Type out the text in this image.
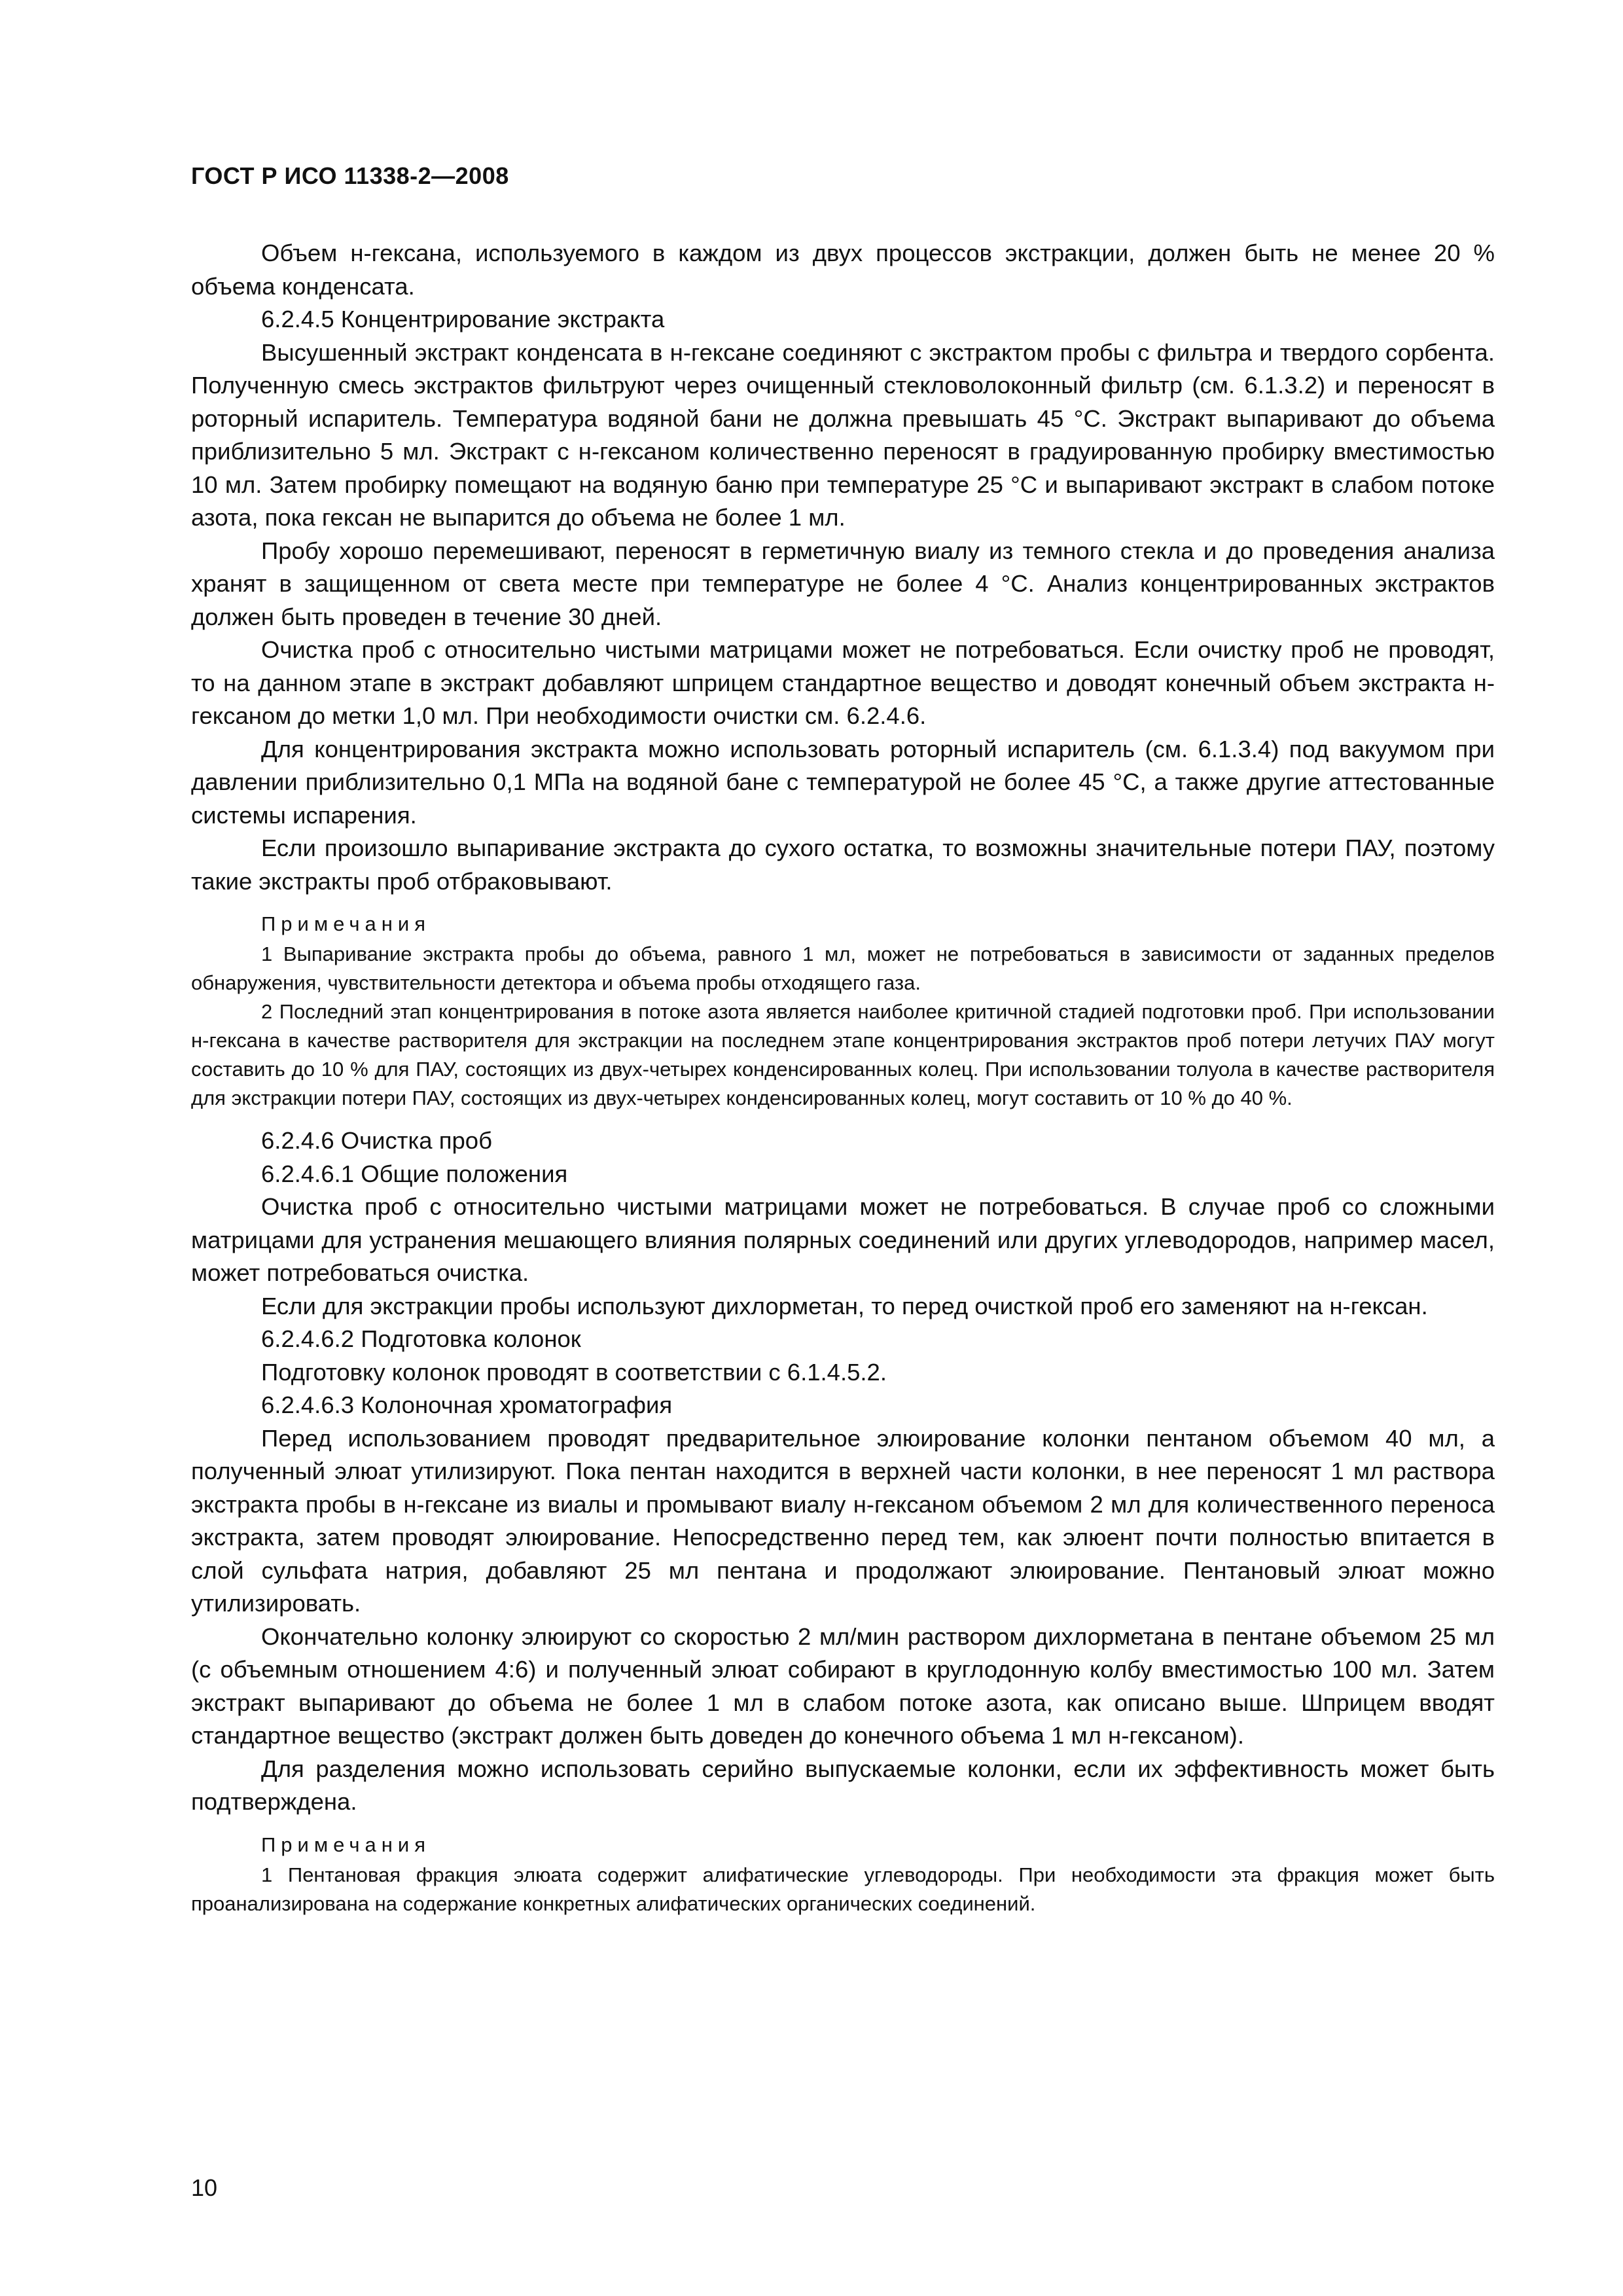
ГОСТ Р ИСО 11338-2—2008

Объем н-гексана, используемого в каждом из двух процессов экстракции, должен быть не менее 20 % объема конденсата.

6.2.4.5 Концентрирование экстракта

Высушенный экстракт конденсата в н-гексане соединяют с экстрактом пробы с фильтра и твердого сорбента. Полученную смесь экстрактов фильтруют через очищенный стекловолоконный фильтр (см. 6.1.3.2) и переносят в роторный испаритель. Температура водяной бани не должна превышать 45 °С. Экстракт выпаривают до объема приблизительно 5 мл. Экстракт с н-гексаном количественно переносят в градуированную пробирку вместимостью 10 мл. Затем пробирку помещают на водяную баню при температуре 25 °С и выпаривают экстракт в слабом потоке азота, пока гексан не выпарится до объема не более 1 мл.

Пробу хорошо перемешивают, переносят в герметичную виалу из темного стекла и до проведения анализа хранят в защищенном от света месте при температуре не более 4 °С. Анализ концентрированных экстрактов должен быть проведен в течение 30 дней.

Очистка проб с относительно чистыми матрицами может не потребоваться. Если очистку проб не проводят, то на данном этапе в экстракт добавляют шприцем стандартное вещество и доводят конечный объем экстракта н-гексаном до метки 1,0 мл. При необходимости очистки см. 6.2.4.6.

Для концентрирования экстракта можно использовать роторный испаритель (см. 6.1.3.4) под вакуумом при давлении приблизительно 0,1 МПа на водяной бане с температурой не более 45 °С, а также другие аттестованные системы испарения.

Если произошло выпаривание экстракта до сухого остатка, то возможны значительные потери ПАУ, поэтому такие экстракты проб отбраковывают.

Примечания

1 Выпаривание экстракта пробы до объема, равного 1 мл, может не потребоваться в зависимости от заданных пределов обнаружения, чувствительности детектора и объема пробы отходящего газа.

2 Последний этап концентрирования в потоке азота является наиболее критичной стадией подготовки проб. При использовании н-гексана в качестве растворителя для экстракции на последнем этапе концентрирования экстрактов проб потери летучих ПАУ могут составить до 10 % для ПАУ, состоящих из двух-четырех конденсированных колец. При использовании толуола в качестве растворителя для экстракции потери ПАУ, состоящих из двух-четырех конденсированных колец, могут составить от 10 % до 40 %.

6.2.4.6 Очистка проб

6.2.4.6.1 Общие положения

Очистка проб с относительно чистыми матрицами может не потребоваться. В случае проб со сложными матрицами для устранения мешающего влияния полярных соединений или других углеводородов, например масел, может потребоваться очистка.

Если для экстракции пробы используют дихлорметан, то перед очисткой проб его заменяют на н-гексан.

6.2.4.6.2 Подготовка колонок

Подготовку колонок проводят в соответствии с 6.1.4.5.2.

6.2.4.6.3 Колоночная хроматография

Перед использованием проводят предварительное элюирование колонки пентаном объемом 40 мл, а полученный элюат утилизируют. Пока пентан находится в верхней части колонки, в нее переносят 1 мл раствора экстракта пробы в н-гексане из виалы и промывают виалу н-гексаном объемом 2 мл для количественного переноса экстракта, затем проводят элюирование. Непосредственно перед тем, как элюент почти полностью впитается в слой сульфата натрия, добавляют 25 мл пентана и продолжают элюирование. Пентановый элюат можно утилизировать.

Окончательно колонку элюируют со скоростью 2 мл/мин раствором дихлорметана в пентане объемом 25 мл (с объемным отношением 4:6) и полученный элюат собирают в круглодонную колбу вместимостью 100 мл. Затем экстракт выпаривают до объема не более 1 мл в слабом потоке азота, как описано выше. Шприцем вводят стандартное вещество (экстракт должен быть доведен до конечного объема 1 мл н-гексаном).

Для разделения можно использовать серийно выпускаемые колонки, если их эффективность может быть подтверждена.

Примечания

1 Пентановая фракция элюата содержит алифатические углеводороды. При необходимости эта фракция может быть проанализирована на содержание конкретных алифатических органических соединений.

10
